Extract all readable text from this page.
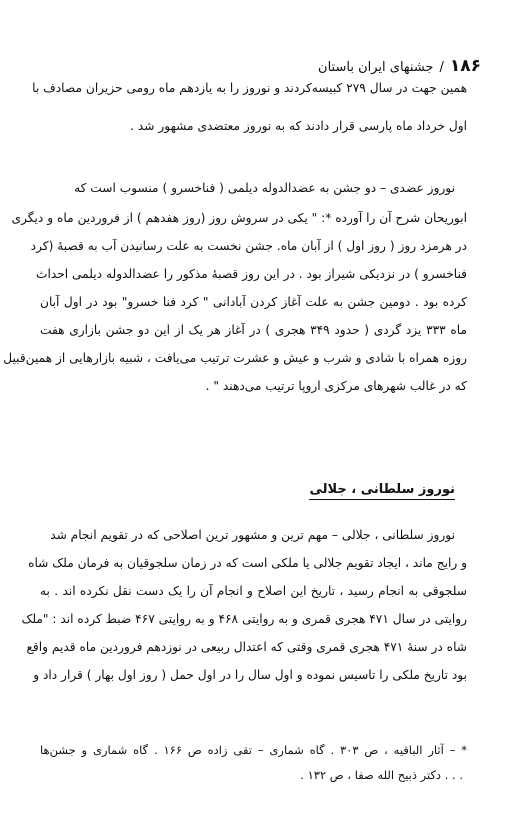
۱۸۶/جشنهای ایران باستان
همین جهت در سال ۲۷۹ کبیسه‌کردند و نوروز را به یازدهم ماه رومی حزیران مصادف با
اول خرداد ماه پارسی قرار دادند که به نوروز معتضدی مشهور شد .
نوروز عضدی – دو جشن به عضدالدوله دیلمی ( فناخسرو ) منسوب است که
ابوریحان شرح آن را آورده *: " یکی در سروش روز (روز هفدهم ) از فروردین ماه و دیگری
در هرمزد روز ( روز اول ) از آبان ماه. جشن نخست به علت رسانیدن آب به قصبهٔ (کرد
فناخسرو ) در نزدیکی شیراز بود . در این روز قصبهٔ مذکور را عضدالدوله دیلمی احداث
کرده بود . دومین جشن به علت آغاز کردن آبادانی " کرد فنا خسرو" بود در اول آبان
ماه ۳۳۳ یزد گردی ( حدود ۳۴۹ هجری ) در آغاز هر یک از این دو جشن بازاری هفت
روزه همراه با شادی و شرب و عیش و عشرت ترتیب می‌یافت ، شبیه بازارهایی از همین‌قبیل
که در غالب شهرهای مرکزی اروپا ترتیب می‌دهند " .
نوروز سلطانی ، جلالی
نوروز سلطانی ، جلالی – مهم ترین و مشهور ترین اصلاحی که در تقویم انجام شد
و رایج ماند ، ایجاد تقویم جلالی یا ملکی است که در زمان سلجوقیان به فرمان ملک شاه
سلجوقی به انجام رسید ، تاریخ این اصلاح و انجام آن را یک دست نقل نکرده اند . به
روایتی در سال ۴۷۱ هجری قمری و به روایتی ۴۶۸ و به روایتی ۴۶۷ ضبط کرده اند : "ملک
شاه در سنهٔ ۴۷۱ هجری قمری وقتی که اعتدال ربیعی در نوزدهم فروردین ماه قدیم واقع
بود تاریخ ملکی را تاسیس نموده و اول سال را در اول حمل ( روز اول بهار ) قرار داد و
* – آثار الباقیه ، ص ۳۰۳ . گاه شماری – تقی زاده ص ۱۶۶ . گاه شماری و جشن‌ها
. . . دکتر ذبیح الله صفا ، ص ۱۳۲ .
